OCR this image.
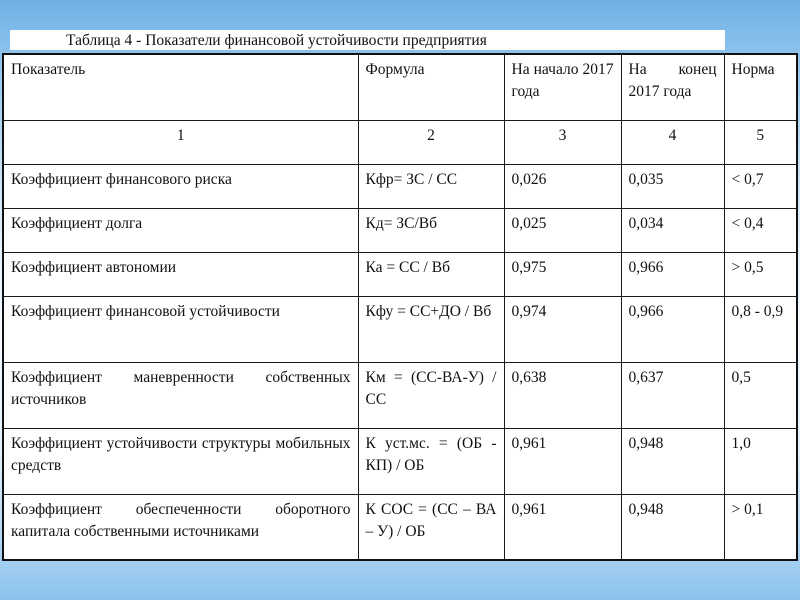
Таблица 4 - Показатели финансовой устойчивости предприятия
Показатель	Формула	На начало 2017 года	На конец 2017 года	Норма
1	2	3	4	5
Коэффициент финансового риска	Кфр= ЗС / СС	0,026	0,035	< 0,7
Коэффициент долга	Кд= ЗС/Вб	0,025	0,034	< 0,4
Коэффициент автономии	Ка = СС / Вб	0,975	0,966	> 0,5
Коэффициент финансовой устойчивости	Кфу = СС+ДО / Вб	0,974	0,966	0,8 - 0,9
Коэффициент маневренности собственных источников	Км = (СС-ВА-У) / СС	0,638	0,637	0,5
Коэффициент устойчивости структуры мобильных средств	К уст.мс. = (ОБ - КП) / ОБ	0,961	0,948	1,0
Коэффициент обеспеченности оборотного капитала собственными источниками	К СОС = (СС – ВА – У) / ОБ	0,961	0,948	> 0,1
